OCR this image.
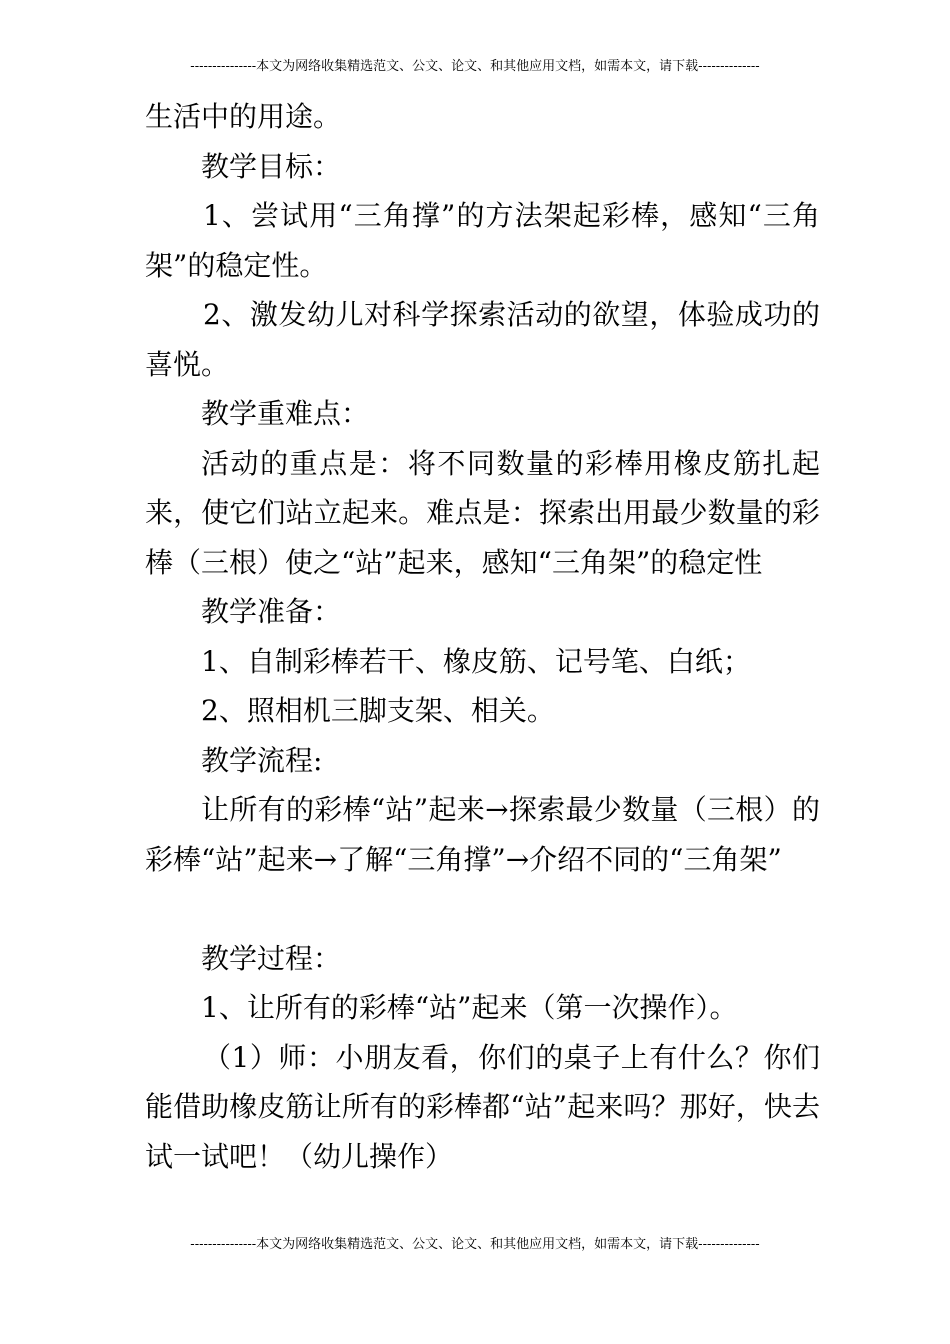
---------------本文为网络收集精选范文、公文、论文、和其他应用文档，如需本文，请下载--------------

生活中的用途。

教学目标：

1、尝试用“三角撑”的方法架起彩棒，感知“三角架”的稳定性。

2、激发幼儿对科学探索活动的欲望，体验成功的喜悦。

教学重难点：

活动的重点是：将不同数量的彩棒用橡皮筋扎起来，使它们站立起来。难点是：探索出用最少数量的彩棒（三根）使之“站”起来，感知“三角架”的稳定性

教学准备：

1、自制彩棒若干、橡皮筋、记号笔、白纸；

2、照相机三脚支架、相关。

教学流程:

让所有的彩棒“站”起来→探索最少数量（三根）的彩棒“站”起来→了解“三角撑”→介绍不同的“三角架”

教学过程：

1、让所有的彩棒“站”起来（第一次操作）。

（1）师：小朋友看，你们的桌子上有什么？你们能借助橡皮筋让所有的彩棒都“站”起来吗？那好，快去试一试吧！（幼儿操作）

---------------本文为网络收集精选范文、公文、论文、和其他应用文档，如需本文，请下载--------------
